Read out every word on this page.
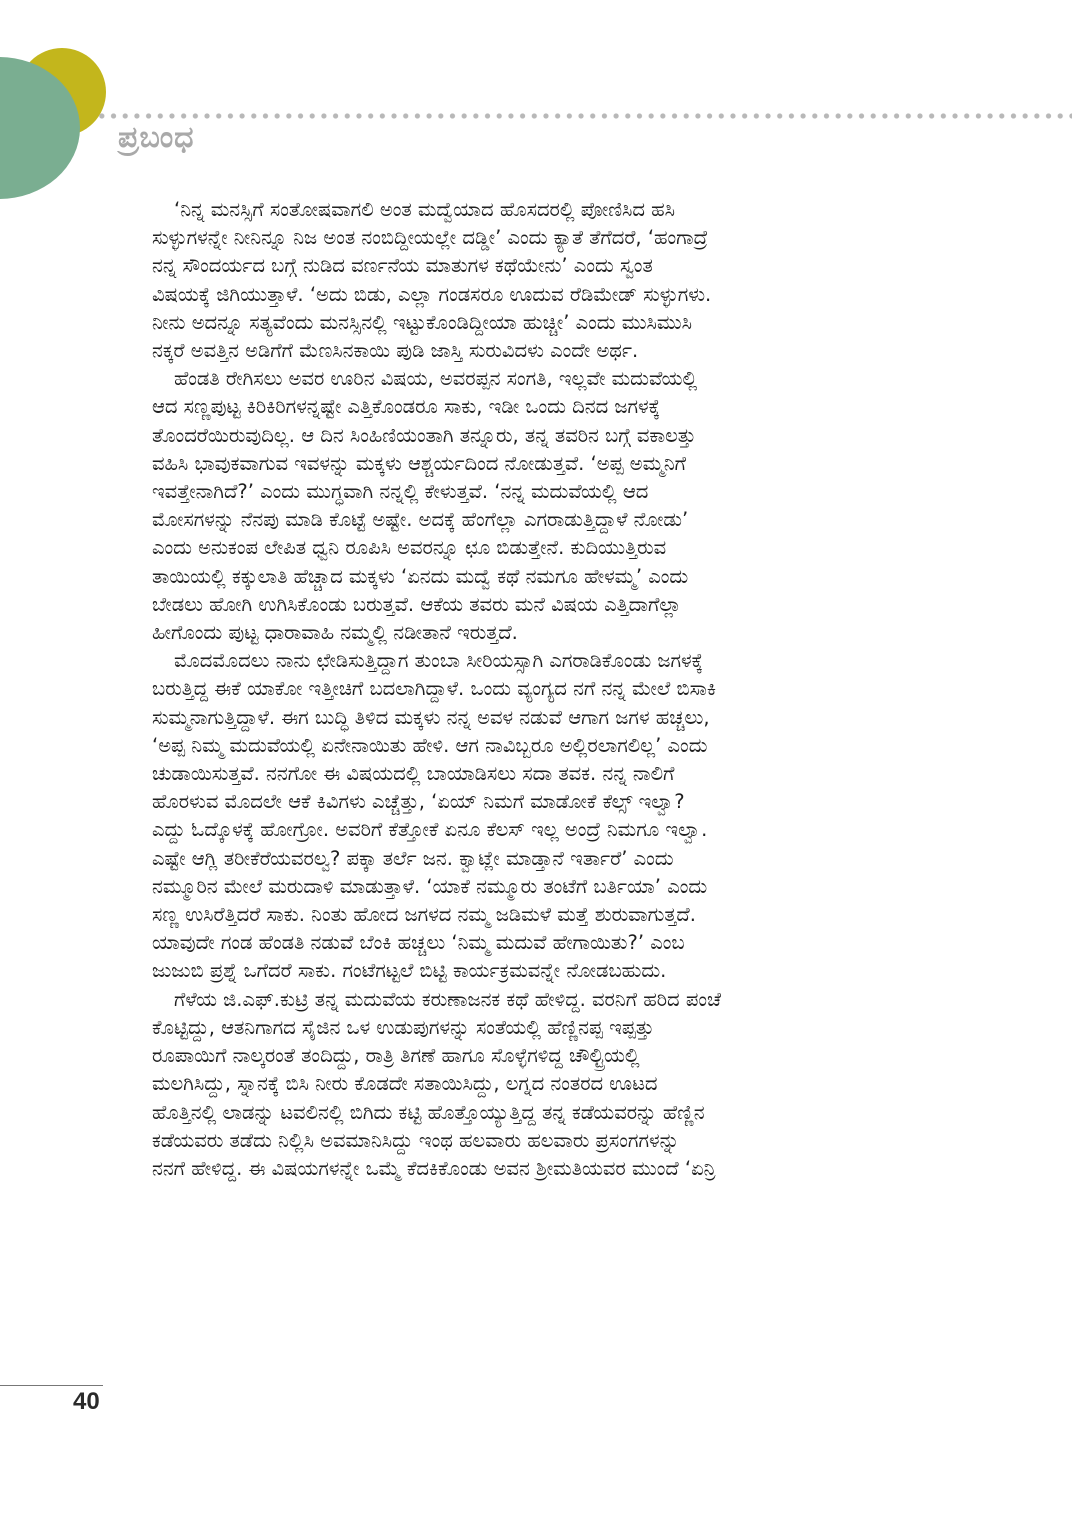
ಪ್ರಬಂಧ

‘ನಿನ್ನ ಮನಸ್ಸಿಗೆ ಸಂತೋಷವಾಗಲಿ ಅಂತ ಮದ್ವೆಯಾದ ಹೊಸದರಲ್ಲಿ ಪೋಣಿಸಿದ ಹಸಿ
ಸುಳ್ಳುಗಳನ್ನೇ ನೀನಿನ್ನೂ ನಿಜ ಅಂತ ನಂಬಿದ್ದೀಯಲ್ಲೇ ದಡ್ಡೀ’ ಎಂದು ಕ್ಯಾತೆ ತೆಗೆದರೆ, ‘ಹಂಗಾದ್ರೆ
ನನ್ನ ಸೌಂದರ್ಯದ ಬಗ್ಗೆ ನುಡಿದ ವರ್ಣನೆಯ ಮಾತುಗಳ ಕಥೆಯೇನು’ ಎಂದು ಸ್ವಂತ
ವಿಷಯಕ್ಕೆ ಜಿಗಿಯುತ್ತಾಳೆ. ‘ಅದು ಬಿಡು, ಎಲ್ಲಾ ಗಂಡಸರೂ ಊದುವ ರೆಡಿಮೇಡ್ ಸುಳ್ಳುಗಳು.
ನೀನು ಅದನ್ನೂ ಸತ್ಯವೆಂದು ಮನಸ್ಸಿನಲ್ಲಿ ಇಟ್ಟುಕೊಂಡಿದ್ದೀಯಾ ಹುಚ್ಚೀ’ ಎಂದು ಮುಸಿಮುಸಿ
ನಕ್ಕರೆ ಅವತ್ತಿನ ಅಡಿಗೆಗೆ ಮೆಣಸಿನಕಾಯಿ ಪುಡಿ ಜಾಸ್ತಿ ಸುರುವಿದಳು ಎಂದೇ ಅರ್ಥ.

ಹೆಂಡತಿ ರೇಗಿಸಲು ಅವರ ಊರಿನ ವಿಷಯ, ಅವರಪ್ಪನ ಸಂಗತಿ, ಇಲ್ಲವೇ ಮದುವೆಯಲ್ಲಿ
ಆದ ಸಣ್ಣಪುಟ್ಟ ಕಿರಿಕಿರಿಗಳನ್ನಷ್ಟೇ ಎತ್ತಿಕೊಂಡರೂ ಸಾಕು, ಇಡೀ ಒಂದು ದಿನದ ಜಗಳಕ್ಕೆ
ತೊಂದರೆಯಿರುವುದಿಲ್ಲ. ಆ ದಿನ ಸಿಂಹಿಣಿಯಂತಾಗಿ ತನ್ನೂರು, ತನ್ನ ತವರಿನ ಬಗ್ಗೆ ವಕಾಲತ್ತು
ವಹಿಸಿ ಭಾವುಕವಾಗುವ ಇವಳನ್ನು ಮಕ್ಕಳು ಆಶ್ಚರ್ಯದಿಂದ ನೋಡುತ್ತವೆ. ‘ಅಪ್ಪ ಅಮ್ಮನಿಗೆ
ಇವತ್ತೇನಾಗಿದೆ?’ ಎಂದು ಮುಗ್ಧವಾಗಿ ನನ್ನಲ್ಲಿ ಕೇಳುತ್ತವೆ. ‘ನನ್ನ ಮದುವೆಯಲ್ಲಿ ಆದ
ಮೋಸಗಳನ್ನು ನೆನಪು ಮಾಡಿ ಕೊಟ್ಟೆ ಅಷ್ಟೇ. ಅದಕ್ಕೆ ಹೆಂಗೆಲ್ಲಾ ಎಗರಾಡುತ್ತಿದ್ದಾಳೆ ನೋಡು’
ಎಂದು ಅನುಕಂಪ ಲೇಪಿತ ಧ್ವನಿ ರೂಪಿಸಿ ಅವರನ್ನೂ ಛೂ ಬಿಡುತ್ತೇನೆ. ಕುದಿಯುತ್ತಿರುವ
ತಾಯಿಯಲ್ಲಿ ಕಕ್ಕುಲಾತಿ ಹೆಚ್ಚಾದ ಮಕ್ಕಳು ‘ಏನದು ಮದ್ವೆ ಕಥೆ ನಮಗೂ ಹೇಳಮ್ಮ’ ಎಂದು
ಬೇಡಲು ಹೋಗಿ ಉಗಿಸಿಕೊಂಡು ಬರುತ್ತವೆ. ಆಕೆಯ ತವರು ಮನೆ ವಿಷಯ ಎತ್ತಿದಾಗೆಲ್ಲಾ
ಹೀಗೊಂದು ಪುಟ್ಟ ಧಾರಾವಾಹಿ ನಮ್ಮಲ್ಲಿ ನಡೀತಾನೆ ಇರುತ್ತದೆ.

ಮೊದಮೊದಲು ನಾನು ಛೇಡಿಸುತ್ತಿದ್ದಾಗ ತುಂಬಾ ಸೀರಿಯಸ್ಸಾಗಿ ಎಗರಾಡಿಕೊಂಡು ಜಗಳಕ್ಕೆ
ಬರುತ್ತಿದ್ದ ಈಕೆ ಯಾಕೋ ಇತ್ತೀಚಿಗೆ ಬದಲಾಗಿದ್ದಾಳೆ. ಒಂದು ವ್ಯಂಗ್ಯದ ನಗೆ ನನ್ನ ಮೇಲೆ ಬಿಸಾಕಿ
ಸುಮ್ಮನಾಗುತ್ತಿದ್ದಾಳೆ. ಈಗ ಬುದ್ಧಿ ತಿಳಿದ ಮಕ್ಕಳು ನನ್ನ ಅವಳ ನಡುವೆ ಆಗಾಗ ಜಗಳ ಹಚ್ಚಲು,
‘ಅಪ್ಪ ನಿಮ್ಮ ಮದುವೆಯಲ್ಲಿ ಏನೇನಾಯಿತು ಹೇಳಿ. ಆಗ ನಾವಿಬ್ಬರೂ ಅಲ್ಲಿರಲಾಗಲಿಲ್ಲ’ ಎಂದು
ಚುಡಾಯಿಸುತ್ತವೆ. ನನಗೋ ಈ ವಿಷಯದಲ್ಲಿ ಬಾಯಾಡಿಸಲು ಸದಾ ತವಕ. ನನ್ನ ನಾಲಿಗೆ
ಹೊರಳುವ ಮೊದಲೇ ಆಕೆ ಕಿವಿಗಳು ಎಚ್ಚೆತ್ತು, ‘ಏಯ್ ನಿಮಗೆ ಮಾಡೋಕೆ ಕೆಲ್ಸ್ ಇಲ್ವಾ?
ಎದ್ದು ಓದ್ಕೊಳಕ್ಕೆ ಹೋಗ್ರೋ. ಅವರಿಗೆ ಕೆತ್ತೋಕೆ ಏನೂ ಕೆಲಸ್ ಇಲ್ಲ ಅಂದ್ರೆ ನಿಮಗೂ ಇಲ್ವಾ.
ಎಷ್ಟೇ ಆಗ್ಲಿ ತರೀಕೆರೆಯವರಲ್ವ? ಪಕ್ಕಾ ತರ್ಲೆ ಜನ. ಕ್ವಾಟ್ಲೇ ಮಾಡ್ತಾನೆ ಇರ್ತಾರೆ’ ಎಂದು
ನಮ್ಮೂರಿನ ಮೇಲೆ ಮರುದಾಳಿ ಮಾಡುತ್ತಾಳೆ. ‘ಯಾಕೆ ನಮ್ಮೂರು ತಂಟೆಗೆ ಬರ್ತಿಯಾ’ ಎಂದು
ಸಣ್ಣ ಉಸಿರೆತ್ತಿದರೆ ಸಾಕು. ನಿಂತು ಹೋದ ಜಗಳದ ನಮ್ಮ ಜಡಿಮಳೆ ಮತ್ತೆ ಶುರುವಾಗುತ್ತದೆ.
ಯಾವುದೇ ಗಂಡ ಹೆಂಡತಿ ನಡುವೆ ಬೆಂಕಿ ಹಚ್ಚಲು ‘ನಿಮ್ಮ ಮದುವೆ ಹೇಗಾಯಿತು?’ ಎಂಬ
ಜುಜುಬಿ ಪ್ರಶ್ನೆ ಒಗೆದರೆ ಸಾಕು. ಗಂಟೆಗಟ್ಟಲೆ ಬಿಟ್ಟಿ ಕಾರ್ಯಕ್ರಮವನ್ನೇ ನೋಡಬಹುದು.

ಗೆಳೆಯ ಜಿ.ಎಫ್.ಕುಟ್ರಿ ತನ್ನ ಮದುವೆಯ ಕರುಣಾಜನಕ ಕಥೆ ಹೇಳಿದ್ದ. ವರನಿಗೆ ಹರಿದ ಪಂಚೆ
ಕೊಟ್ಟಿದ್ದು, ಆತನಿಗಾಗದ ಸೈಜಿನ ಒಳ ಉಡುಪುಗಳನ್ನು ಸಂತೆಯಲ್ಲಿ ಹೆಣ್ಣಿನಪ್ಪ ಇಪ್ಪತ್ತು
ರೂಪಾಯಿಗೆ ನಾಲ್ಕರಂತೆ ತಂದಿದ್ದು, ರಾತ್ರಿ ತಿಗಣೆ ಹಾಗೂ ಸೊಳ್ಳೆಗಳಿದ್ದ ಚೌಲ್ಟ್ರಿಯಲ್ಲಿ
ಮಲಗಿಸಿದ್ದು, ಸ್ನಾನಕ್ಕೆ ಬಿಸಿ ನೀರು ಕೊಡದೇ ಸತಾಯಿಸಿದ್ದು, ಲಗ್ನದ ನಂತರದ ಊಟದ
ಹೊತ್ತಿನಲ್ಲಿ ಲಾಡನ್ನು ಟವಲಿನಲ್ಲಿ ಬಿಗಿದು ಕಟ್ಟಿ ಹೊತ್ತೊಯ್ಯುತ್ತಿದ್ದ ತನ್ನ ಕಡೆಯವರನ್ನು ಹೆಣ್ಣಿನ
ಕಡೆಯವರು ತಡೆದು ನಿಲ್ಲಿಸಿ ಅವಮಾನಿಸಿದ್ದು ಇಂಥ ಹಲವಾರು ಹಲವಾರು ಪ್ರಸಂಗಗಳನ್ನು
ನನಗೆ ಹೇಳಿದ್ದ. ಈ ವಿಷಯಗಳನ್ನೇ ಒಮ್ಮೆ ಕೆದಕಿಕೊಂಡು ಅವನ ಶ್ರೀಮತಿಯವರ ಮುಂದೆ ‘ಏನ್ರಿ

40
